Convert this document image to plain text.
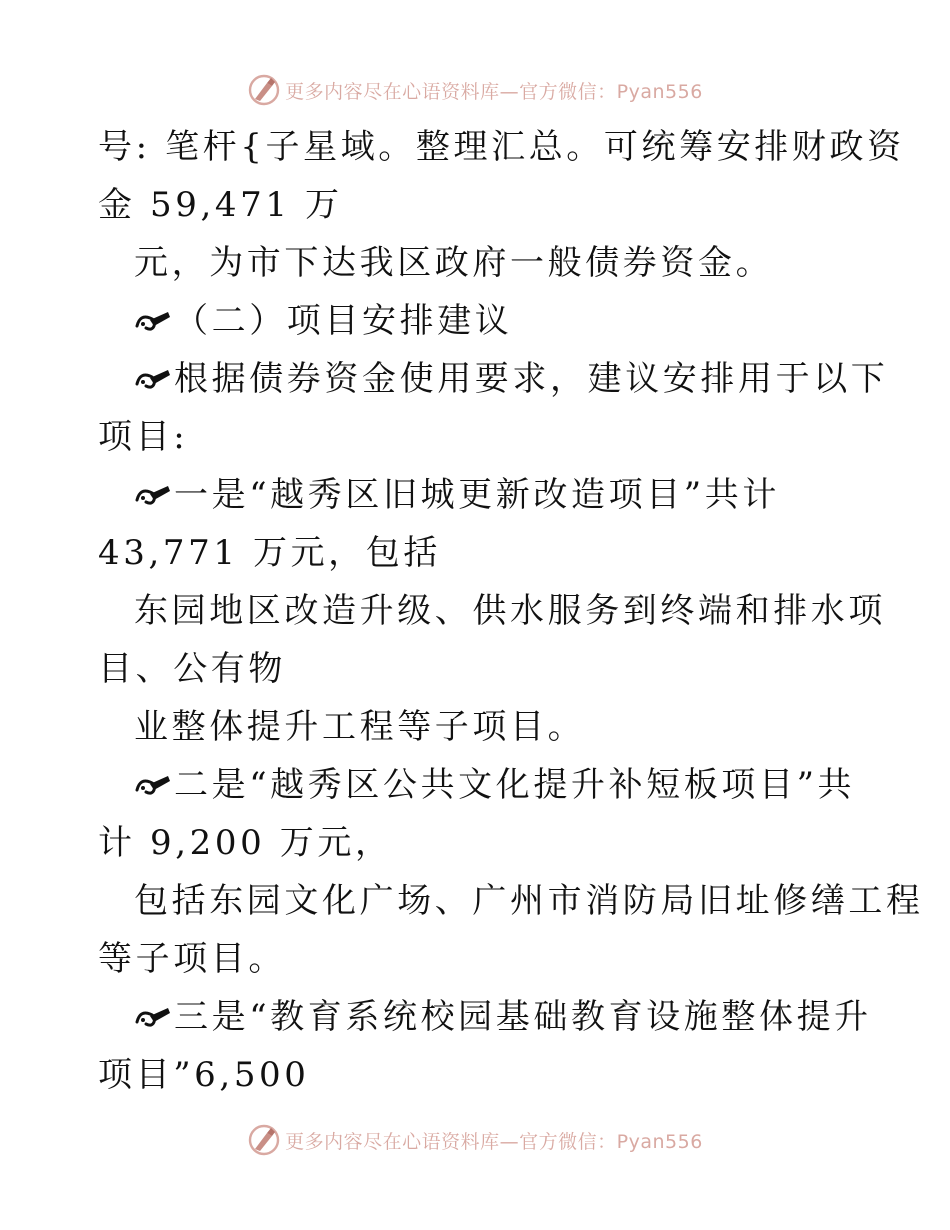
更多内容尽在心语资料库—官方微信：Pyan556
号: 笔杆{子星域。整理汇总。可统筹安排财政资
金 59,471 万
元，为市下达我区政府一般债券资金。
（二）项目安排建议
根据债券资金使用要求，建议安排用于以下
项目:
一是“越秀区旧城更新改造项目”共计
43,771 万元，包括
东园地区改造升级、供水服务到终端和排水项
目、公有物
业整体提升工程等子项目。
二是“越秀区公共文化提升补短板项目”共
计 9,200 万元，
包括东园文化广场、广州市消防局旧址修缮工程
等子项目。
三是“教育系统校园基础教育设施整体提升
项目”6,500
更多内容尽在心语资料库—官方微信：Pyan556
